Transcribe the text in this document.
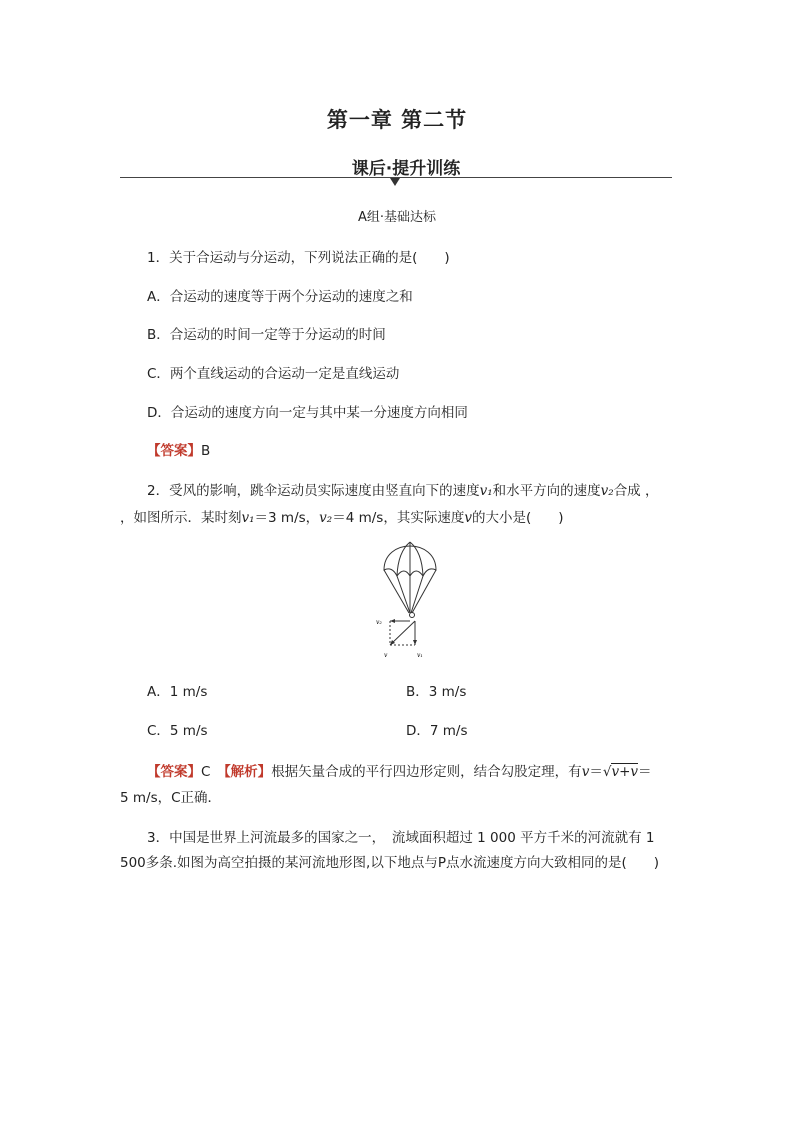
第一章 第二节
课后·提升训练
A组·基础达标
1．关于合运动与分运动，下列说法正确的是(　　)
A．合运动的速度等于两个分运动的速度之和
B．合运动的时间一定等于分运动的时间
C．两个直线运动的合运动一定是直线运动
D．合运动的速度方向一定与其中某一分速度方向相同
【答案】B
2．受风的影响，跳伞运动员实际速度由竖直向下的速度v₁和水平方向的速度v₂合成 ，
，如图所示．某时刻v₁＝3 m/s，v₂＝4 m/s，其实际速度v的大小是(　　)
v₂
v	v₁
A．1 m/s	B．3 m/s
C．5 m/s	D．7 m/s
【答案】C　 【解析】根据矢量合成的平行四边形定则，结合勾股定理，有v＝√v+v＝
5 m/s，C正确．
3．中国是世界上河流最多的国家之一，　流域面积超过 1 000 平方千米的河流就有 1
500多条.如图为高空拍摄的某河流地形图,以下地点与P点水流速度方向大致相同的是(　　)
